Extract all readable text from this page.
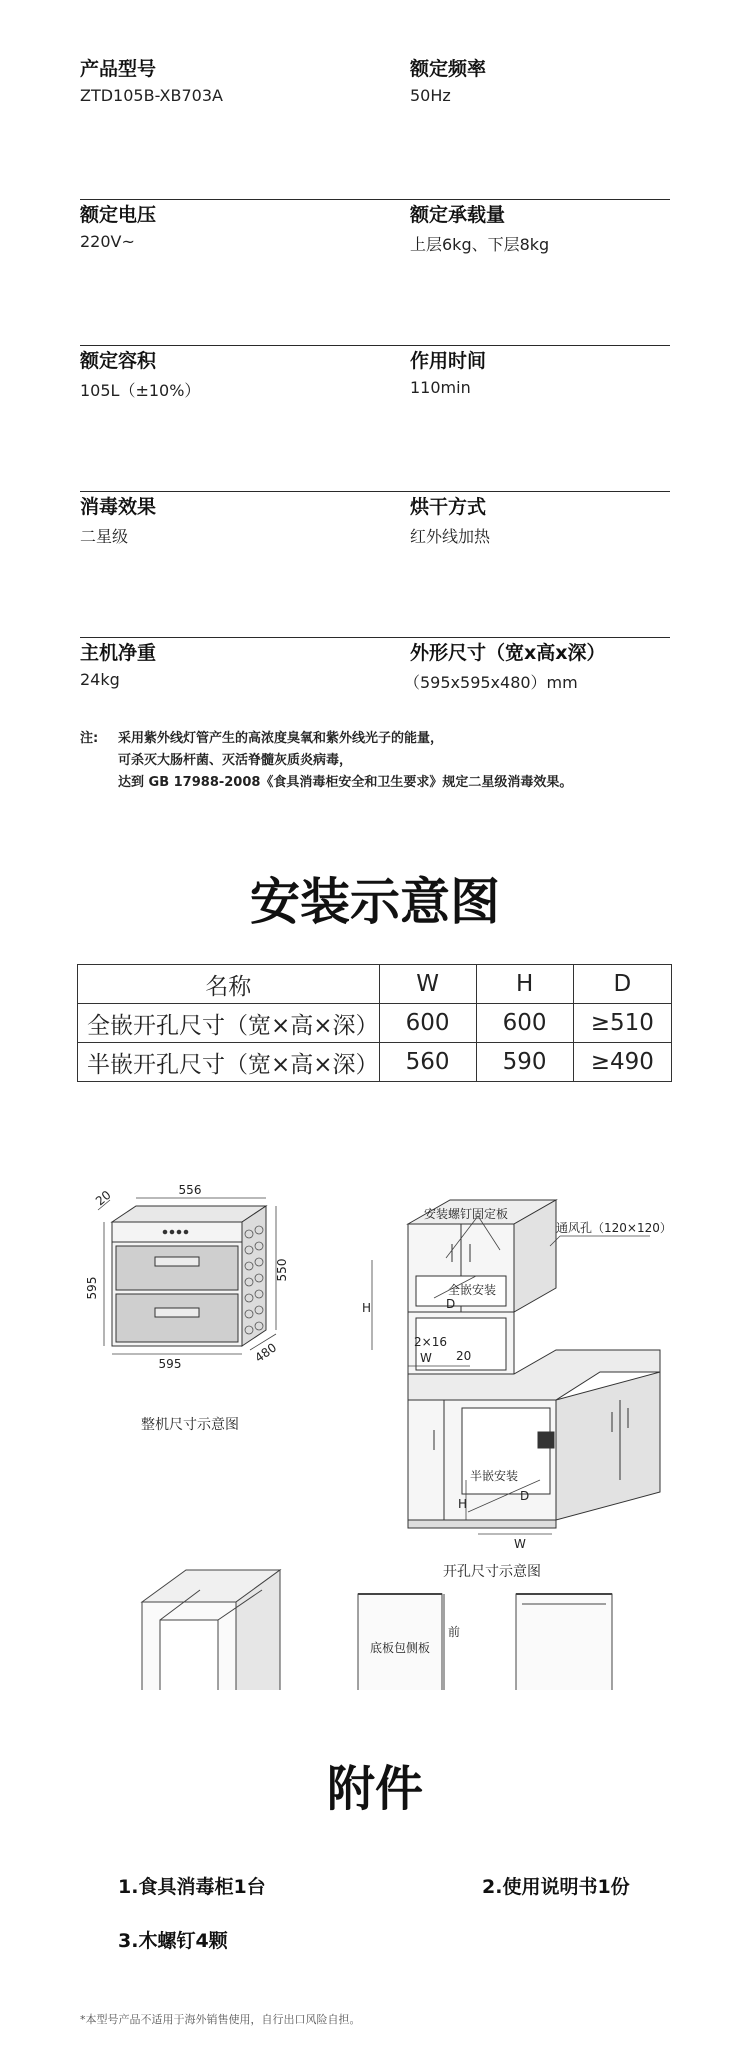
产品型号
ZTD105B-XB703A
额定频率
50Hz
额定电压
220V~
额定承载量
上层6kg、下层8kg
额定容积
105L（±10%）
作用时间
110min
消毒效果
二星级
烘干方式
红外线加热
主机净重
24kg
外形尺寸（宽x高x深）
（595x595x480）mm
注: 采用紫外线灯管产生的高浓度臭氧和紫外线光子的能量，
可杀灭大肠杆菌、灭活脊髓灰质炎病毒，
达到 GB 17988-2008《食具消毒柜安全和卫生要求》规定二星级消毒效果。
安装示意图
名称	W	H	D
全嵌开孔尺寸（宽×高×深）	600	600	≥510
半嵌开孔尺寸（宽×高×深）	560	590	≥490
20	556
595
550
595	480
整机尺寸示意图
安装螺钉固定板
通风孔（120×120）
全嵌安装
半嵌安装
H	D
W
2×16
20
H
D
W
开孔尺寸示意图
底板包侧板
前
附件
1.食具消毒柜1台	2.使用说明书1份
3.木螺钉4颗
*本型号产品不适用于海外销售使用，自行出口风险自担。
